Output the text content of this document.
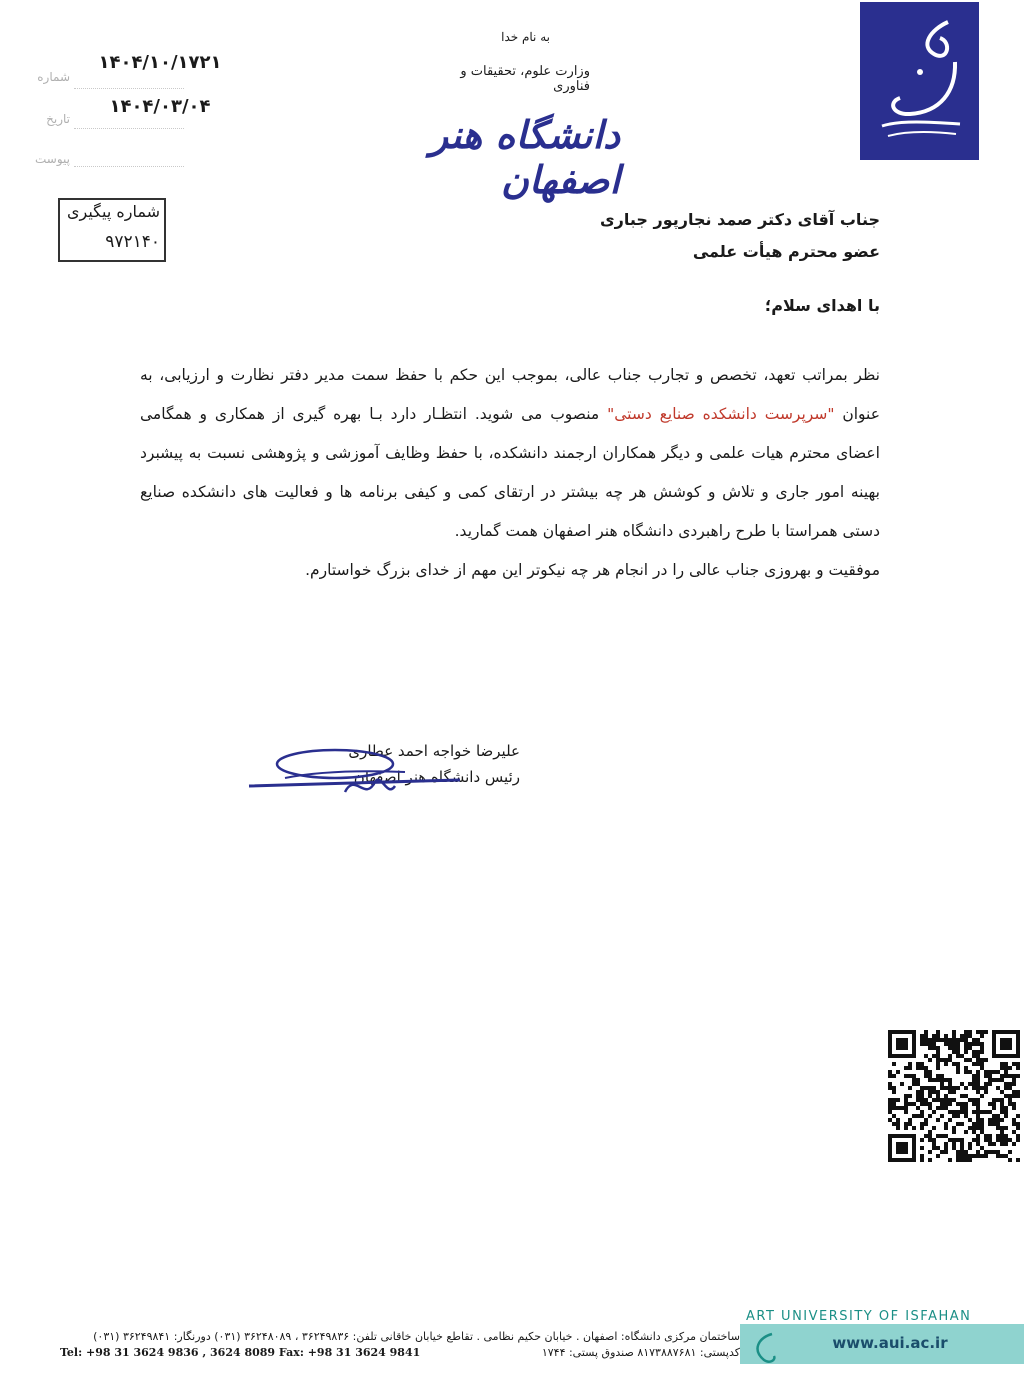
به نام خدا
وزارت علوم، تحقیقات و فناوری
دانشگاه هنر اصفهان
شماره
۱۴۰۴/۱۰/۱۷۲۱
تاریخ
۱۴۰۴/۰۳/۰۴
پیوست
شماره پیگیری
۹۷۲۱۴۰
جناب آقای دکتر صمد نجارپور جباری
عضو محترم هیأت علمی
با اهدای سلام؛

نظر بمراتب تعهد، تخصص و تجارب جناب عالی، بموجب این حکم با حفظ سمت مدیر دفتر نظارت و ارزیابی، به عنوان "سرپرست دانشکده صنایع دستی" منصوب می شوید. انتظـار دارد بـا بهره گیری از همکاری و همگامی اعضای محترم هیات علمی و دیگر همکاران ارجمند دانشکده، با حفظ وظایف آموزشی و پژوهشی نسبت به پیشبرد بهینه امور جاری و تلاش و کوشش هر چه بیشتر در ارتقای کمی و کیفی برنامه ها و فعالیت های دانشکده صنایع دستی همراستا با طرح راهبردی دانشگاه هنر اصفهان همت گمارید.

موفقیت و بهروزی جناب عالی را در انجام هر چه نیکوتر این مهم از خدای بزرگ خواستارم.

علیرضا خواجه احمد عطاری
رئیس دانشگاه هنر اصفهان
ART UNIVERSITY OF ISFAHAN
www.aui.ac.ir
ساختمان مرکزی دانشگاه: اصفهان . خیابان حکیم نظامی . تقاطع خیابان خاقانی تلفن: ۳۶۲۴۹۸۳۶ ، ۳۶۲۴۸۰۸۹ (۰۳۱) دورنگار: ۳۶۲۴۹۸۴۱ (۰۳۱)
کدپستی: ۸۱۷۳۸۸۷۶۸۱ صندوق پستی: ۱۷۴۴
Tel: +98 31 3624 9836 , 3624 8089 Fax: +98 31 3624 9841
